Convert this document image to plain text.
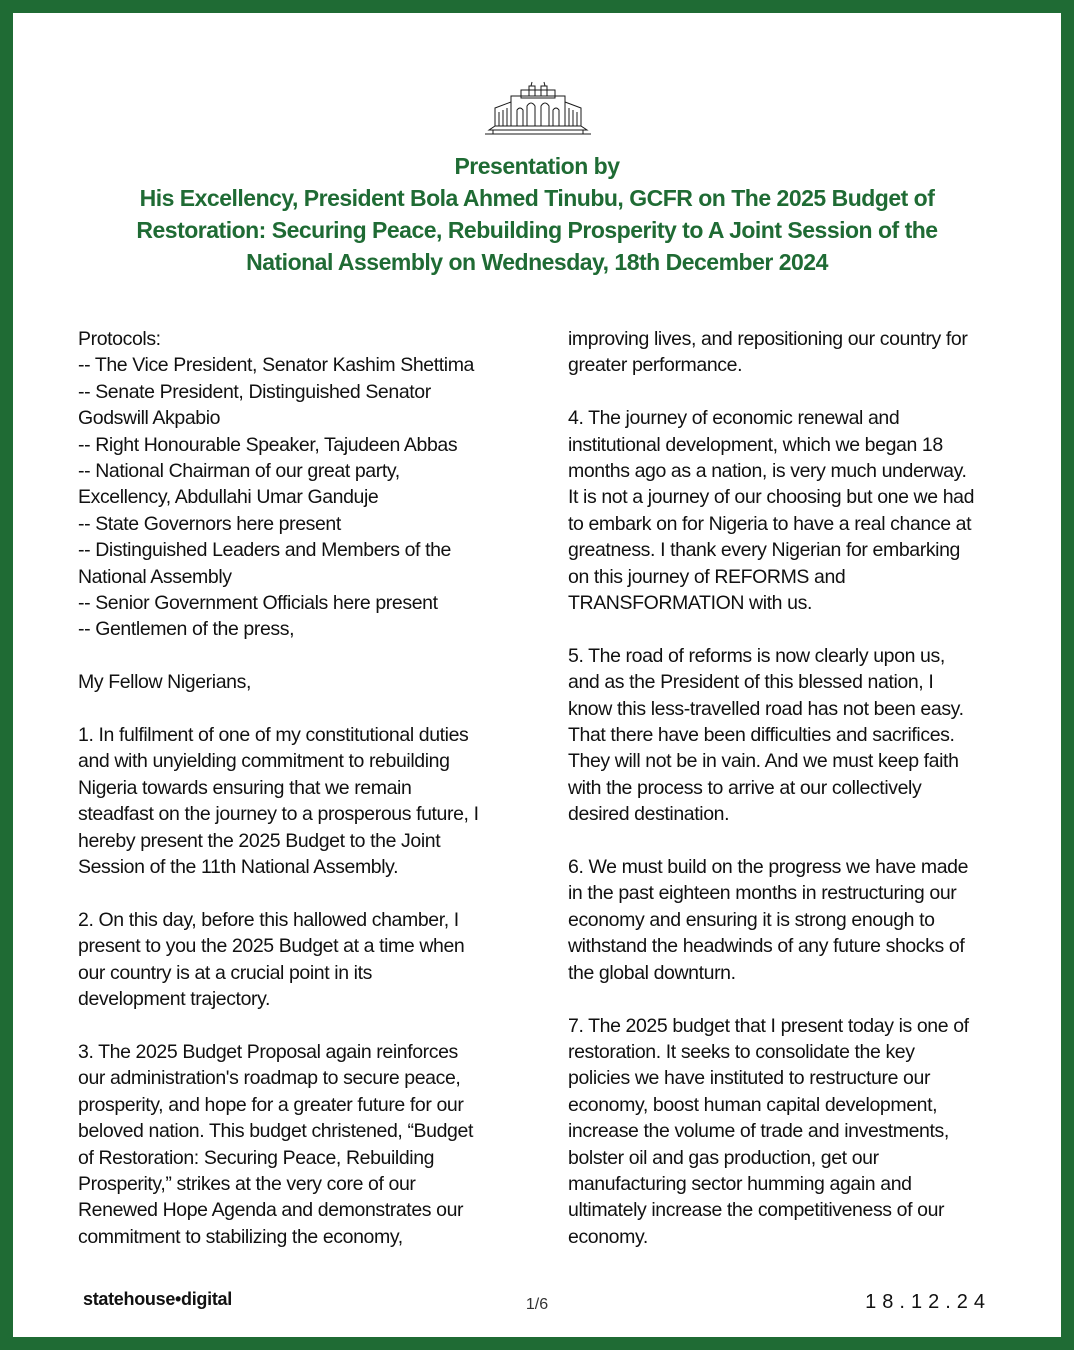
Presentation by
His Excellency, President Bola Ahmed Tinubu, GCFR on The 2025 Budget of
Restoration: Securing Peace, Rebuilding Prosperity to A Joint Session of the
National Assembly on Wednesday, 18th December 2024
Protocols:
-- The Vice President, Senator Kashim Shettima
-- Senate President, Distinguished Senator
Godswill Akpabio
-- Right Honourable Speaker, Tajudeen Abbas
-- National Chairman of our great party,
Excellency, Abdullahi Umar Ganduje
-- State Governors here present
-- Distinguished Leaders and Members of the
National Assembly
-- Senior Government Officials here present
-- Gentlemen of the press,
My Fellow Nigerians,
1. In fulfilment of one of my constitutional duties
and with unyielding commitment to rebuilding
Nigeria towards ensuring that we remain
steadfast on the journey to a prosperous future, I
hereby present the 2025 Budget to the Joint
Session of the 11th National Assembly.
2. On this day, before this hallowed chamber, I
present to you the 2025 Budget at a time when
our country is at a crucial point in its
development trajectory.
3. The 2025 Budget Proposal again reinforces
our administration's roadmap to secure peace,
prosperity, and hope for a greater future for our
beloved nation. This budget christened, “Budget
of Restoration: Securing Peace, Rebuilding
Prosperity,” strikes at the very core of our
Renewed Hope Agenda and demonstrates our
commitment to stabilizing the economy,
improving lives, and repositioning our country for
greater performance.
4. The journey of economic renewal and
institutional development, which we began 18
months ago as a nation, is very much underway.
It is not a journey of our choosing but one we had
to embark on for Nigeria to have a real chance at
greatness. I thank every Nigerian for embarking
on this journey of REFORMS and
TRANSFORMATION with us.
5. The road of reforms is now clearly upon us,
and as the President of this blessed nation, I
know this less-travelled road has not been easy.
That there have been difficulties and sacrifices.
They will not be in vain. And we must keep faith
with the process to arrive at our collectively
desired destination.
6. We must build on the progress we have made
in the past eighteen months in restructuring our
economy and ensuring it is strong enough to
withstand the headwinds of any future shocks of
the global downturn.
7. The 2025 budget that I present today is one of
restoration. It seeks to consolidate the key
policies we have instituted to restructure our
economy, boost human capital development,
increase the volume of trade and investments,
bolster oil and gas production, get our
manufacturing sector humming again and
ultimately increase the competitiveness of our
economy.
statehouse•digital	1/6	18.12.24
